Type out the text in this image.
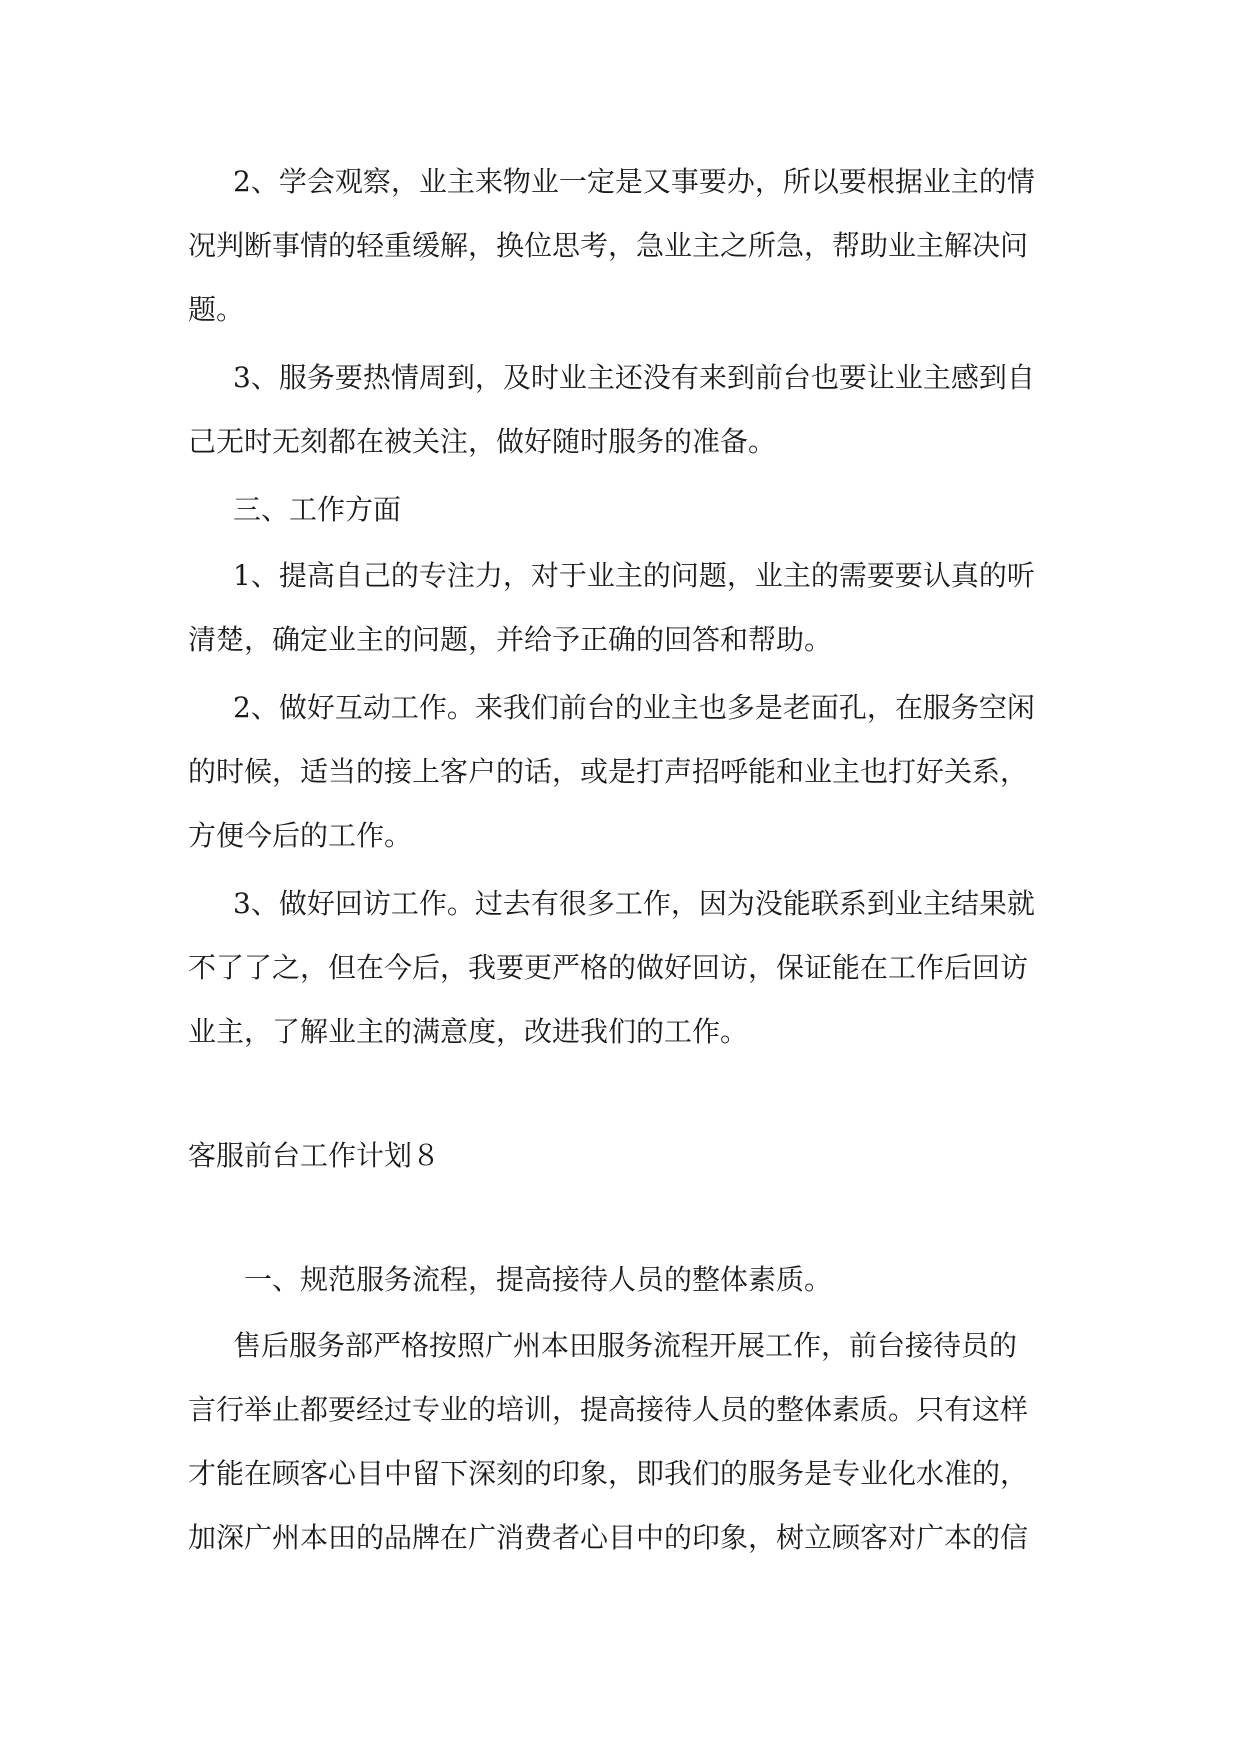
2、学会观察，业主来物业一定是又事要办，所以要根据业主的情

况判断事情的轻重缓解，换位思考，急业主之所急，帮助业主解决问

题。

3、服务要热情周到，及时业主还没有来到前台也要让业主感到自

己无时无刻都在被关注，做好随时服务的准备。

三、工作方面

1、提高自己的专注力，对于业主的问题，业主的需要要认真的听

清楚，确定业主的问题，并给予正确的回答和帮助。

2、做好互动工作。来我们前台的业主也多是老面孔，在服务空闲

的时候，适当的接上客户的话，或是打声招呼能和业主也打好关系，

方便今后的工作。

3、做好回访工作。过去有很多工作，因为没能联系到业主结果就

不了了之，但在今后，我要更严格的做好回访，保证能在工作后回访

业主，了解业主的满意度，改进我们的工作。

客服前台工作计划８

一、规范服务流程，提高接待人员的整体素质。

售后服务部严格按照广州本田服务流程开展工作，前台接待员的

言行举止都要经过专业的培训，提高接待人员的整体素质。只有这样

才能在顾客心目中留下深刻的印象，即我们的服务是专业化水准的，

加深广州本田的品牌在广消费者心目中的印象，树立顾客对广本的信
